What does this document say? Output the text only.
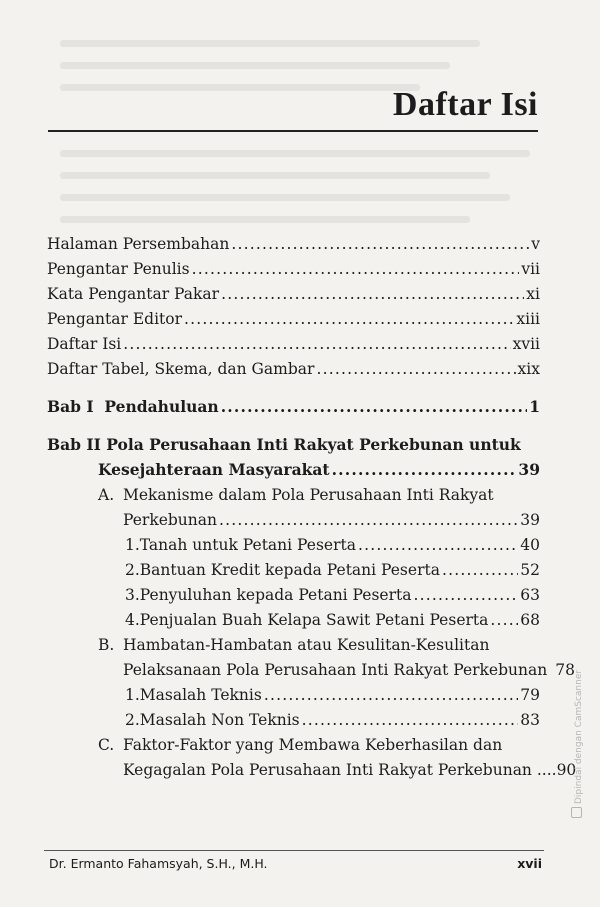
Daftar Isi
Halaman Persembahan .....	v
Pengantar Penulis .....	vii
Kata Pengantar Pakar .....	xi
Pengantar Editor .....	xiii
Daftar Isi .....	xvii
Daftar Tabel, Skema, dan Gambar .....	xix
Bab I  Pendahuluan .....	1
Bab II Pola Perusahaan Inti Rakyat Perkebunan untuk
Kesejahteraan Masyarakat .....	39
A. Mekanisme dalam Pola Perusahaan Inti Rakyat
Perkebunan .....	39
1. Tanah untuk Petani Peserta .....	40
2. Bantuan Kredit kepada Petani Peserta .....	52
3. Penyuluhan kepada Petani Peserta .....	63
4. Penjualan Buah Kelapa Sawit Petani Peserta ..... 68
B. Hambatan-Hambatan atau Kesulitan-Kesulitan
Pelaksanaan Pola Perusahaan Inti Rakyat Perkebunan 78
1. Masalah Teknis .....	79
2. Masalah Non Teknis .....	83
C. Faktor-Faktor yang Membawa Keberhasilan dan
Kegagalan Pola Perusahaan Inti Rakyat Perkebunan .... 90
Dr. Ermanto Fahamsyah, S.H., M.H.	xvii
Dipindai dengan CamScanner
